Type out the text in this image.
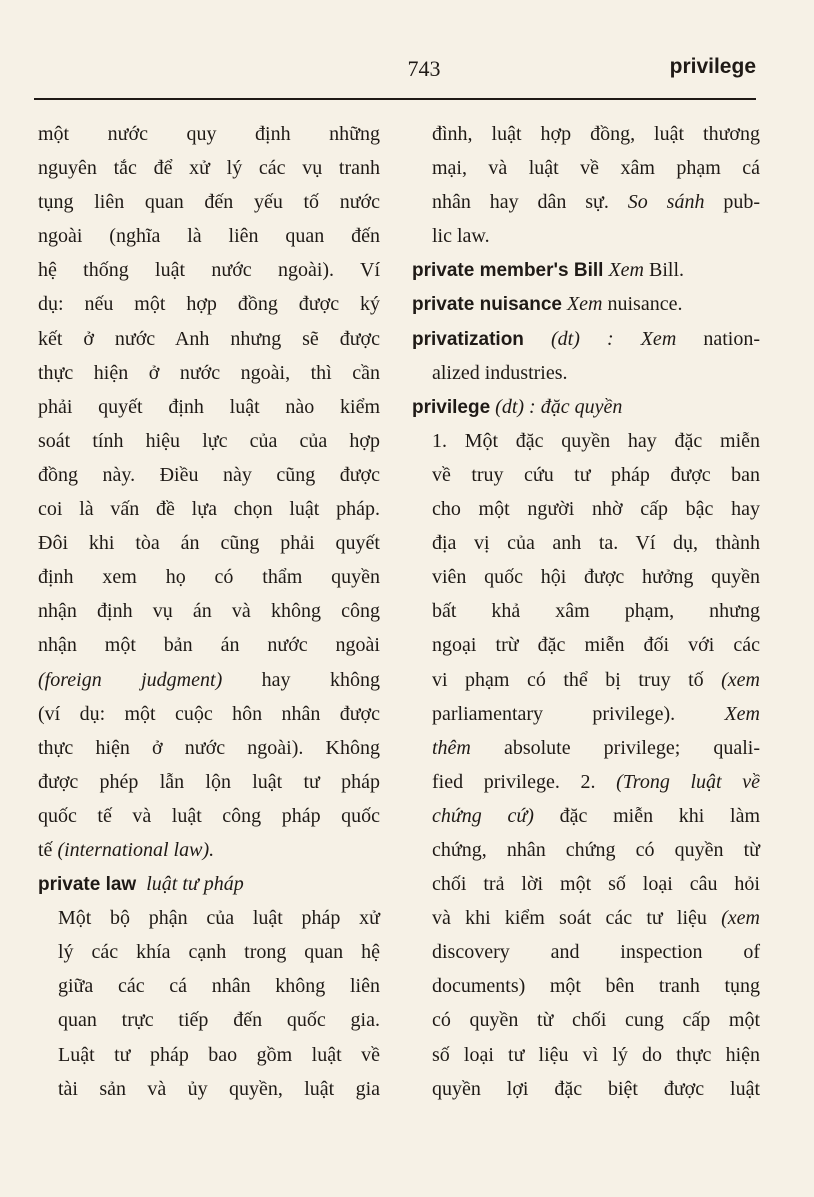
743	privilege
một nước quy định những
nguyên tắc để xử lý các vụ tranh
tụng liên quan đến yếu tố nước
ngoài (nghĩa là liên quan đến
hệ thống luật nước ngoài). Ví
dụ: nếu một hợp đồng được ký
kết ở nước Anh nhưng sẽ được
thực hiện ở nước ngoài, thì cần
phải quyết định luật nào kiểm
soát tính hiệu lực của của hợp
đồng này. Điều này cũng được
coi là vấn đề lựa chọn luật pháp.
Đôi khi tòa án cũng phải quyết
định xem họ có thẩm quyền
nhận định vụ án và không công
nhận một bản án nước ngoài
(foreign judgment) hay không
(ví dụ: một cuộc hôn nhân được
thực hiện ở nước ngoài). Không
được phép lẫn lộn luật tư pháp
quốc tế và luật công pháp quốc
tế (international law).
private law luật tư pháp
Một bộ phận của luật pháp xử
lý các khía cạnh trong quan hệ
giữa các cá nhân không liên
quan trực tiếp đến quốc gia.
Luật tư pháp bao gồm luật về
tài sản và ủy quyền, luật gia
đình, luật hợp đồng, luật thương
mại, và luật về xâm phạm cá
nhân hay dân sự. So sánh pub-
lic law.
private member's Bill Xem Bill.
private nuisance Xem nuisance.
privatization (dt) : Xem nation-
alized industries.
privilege (dt) : đặc quyền
1. Một đặc quyền hay đặc miễn
về truy cứu tư pháp được ban
cho một người nhờ cấp bậc hay
địa vị của anh ta. Ví dụ, thành
viên quốc hội được hưởng quyền
bất khả xâm phạm, nhưng
ngoại trừ đặc miễn đối với các
vi phạm có thể bị truy tố (xem
parliamentary privilege). Xem
thêm absolute privilege; quali-
fied privilege. 2. (Trong luật về
chứng cứ) đặc miễn khi làm
chứng, nhân chứng có quyền từ
chối trả lời một số loại câu hỏi
và khi kiểm soát các tư liệu (xem
discovery and inspection of
documents) một bên tranh tụng
có quyền từ chối cung cấp một
số loại tư liệu vì lý do thực hiện
quyền lợi đặc biệt được luật
